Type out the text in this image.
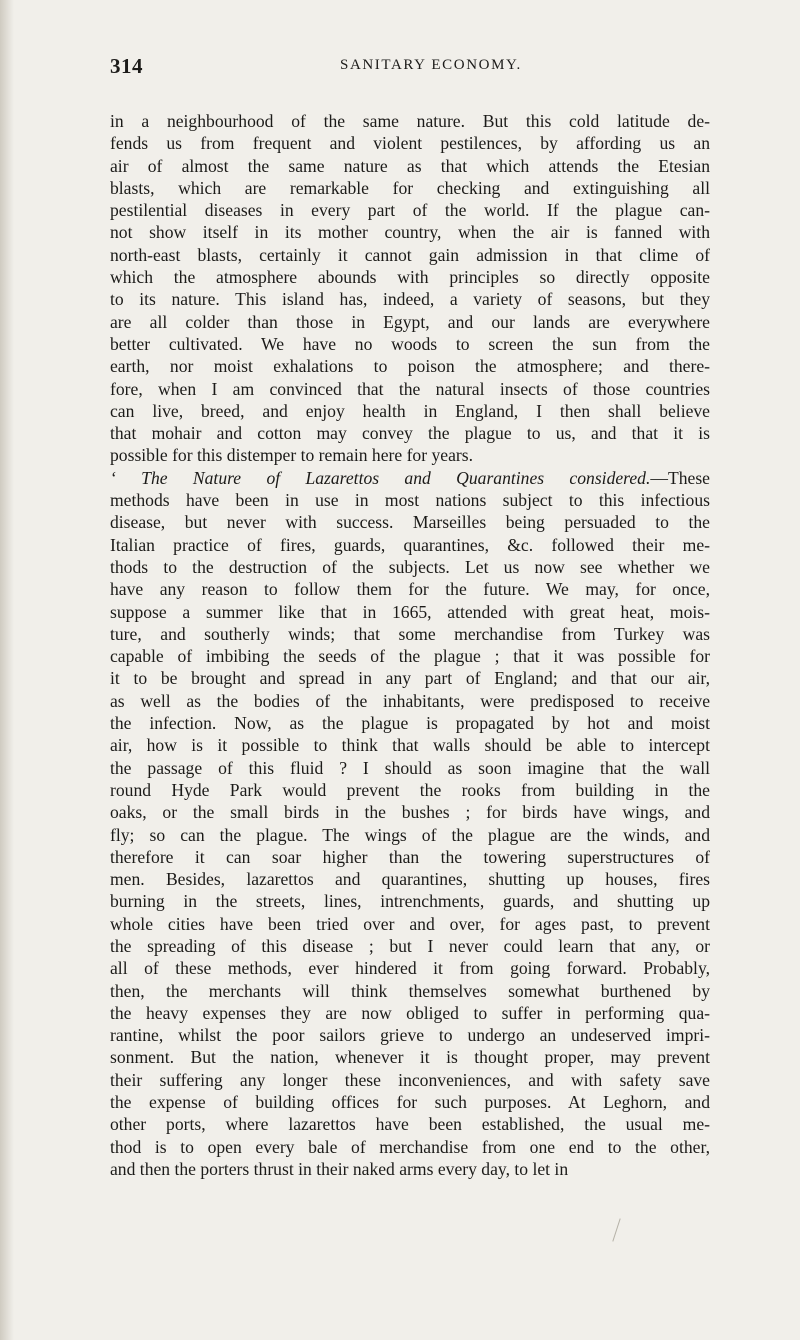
314	SANITARY ECONOMY.
in a neighbourhood of the same nature. But this cold latitude de-
fends us from frequent and violent pestilences, by affording us an
air of almost the same nature as that which attends the Etesian
blasts, which are remarkable for checking and extinguishing all
pestilential diseases in every part of the world. If the plague can-
not show itself in its mother country, when the air is fanned with
north-east blasts, certainly it cannot gain admission in that clime of
which the atmosphere abounds with principles so directly opposite
to its nature. This island has, indeed, a variety of seasons, but they
are all colder than those in Egypt, and our lands are everywhere
better cultivated. We have no woods to screen the sun from the
earth, nor moist exhalations to poison the atmosphere; and there-
fore, when I am convinced that the natural insects of those countries
can live, breed, and enjoy health in England, I then shall believe
that mohair and cotton may convey the plague to us, and that it is
possible for this distemper to remain here for years.
‘ The Nature of Lazarettos and Quarantines considered.—These
methods have been in use in most nations subject to this infectious
disease, but never with success. Marseilles being persuaded to the
Italian practice of fires, guards, quarantines, &c. followed their me-
thods to the destruction of the subjects. Let us now see whether we
have any reason to follow them for the future. We may, for once,
suppose a summer like that in 1665, attended with great heat, mois-
ture, and southerly winds; that some merchandise from Turkey was
capable of imbibing the seeds of the plague ; that it was possible for
it to be brought and spread in any part of England; and that our air,
as well as the bodies of the inhabitants, were predisposed to receive
the infection. Now, as the plague is propagated by hot and moist
air, how is it possible to think that walls should be able to intercept
the passage of this fluid ? I should as soon imagine that the wall
round Hyde Park would prevent the rooks from building in the
oaks, or the small birds in the bushes ; for birds have wings, and
fly; so can the plague. The wings of the plague are the winds, and
therefore it can soar higher than the towering superstructures of
men. Besides, lazarettos and quarantines, shutting up houses, fires
burning in the streets, lines, intrenchments, guards, and shutting up
whole cities have been tried over and over, for ages past, to prevent
the spreading of this disease ; but I never could learn that any, or
all of these methods, ever hindered it from going forward. Probably,
then, the merchants will think themselves somewhat burthened by
the heavy expenses they are now obliged to suffer in performing qua-
rantine, whilst the poor sailors grieve to undergo an undeserved impri-
sonment. But the nation, whenever it is thought proper, may prevent
their suffering any longer these inconveniences, and with safety save
the expense of building offices for such purposes. At Leghorn, and
other ports, where lazarettos have been established, the usual me-
thod is to open every bale of merchandise from one end to the other,
and then the porters thrust in their naked arms every day, to let in
